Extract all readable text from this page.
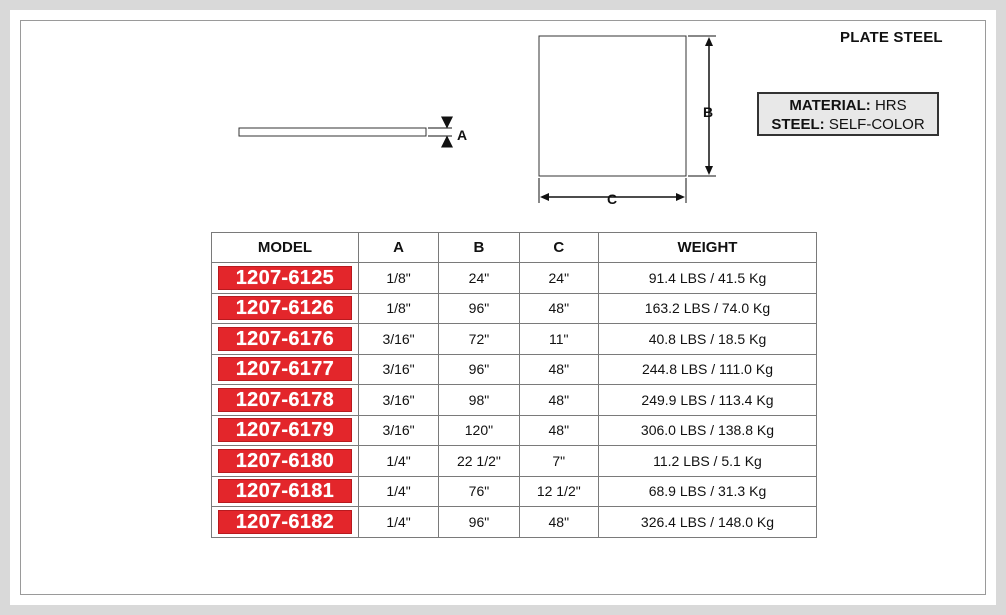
PLATE STEEL
A
B
C
MATERIAL: HRS
STEEL: SELF-COLOR
MODEL	A	B	C	WEIGHT
1207-6125	1/8"	24"	24"	91.4 LBS / 41.5 Kg
1207-6126	1/8"	96"	48"	163.2 LBS / 74.0 Kg
1207-6176	3/16"	72"	11"	40.8 LBS / 18.5 Kg
1207-6177	3/16"	96"	48"	244.8 LBS / 111.0 Kg
1207-6178	3/16"	98"	48"	249.9 LBS / 113.4 Kg
1207-6179	3/16"	120"	48"	306.0 LBS / 138.8 Kg
1207-6180	1/4"	22 1/2"	7"	11.2 LBS / 5.1 Kg
1207-6181	1/4"	76"	12 1/2"	68.9 LBS / 31.3 Kg
1207-6182	1/4"	96"	48"	326.4 LBS / 148.0 Kg
